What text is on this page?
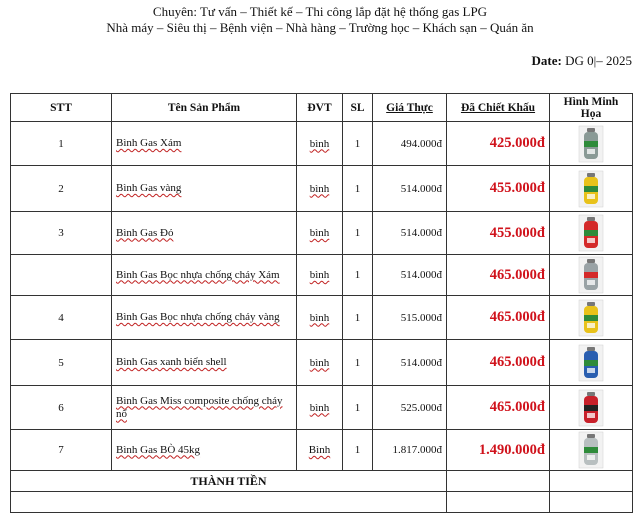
Chuyên: Tư vấn – Thiết kế – Thi công lắp đặt hệ thống gas LPG
Nhà máy – Siêu thị – Bệnh viện – Nhà hàng – Trường học – Khách sạn – Quán ăn
Date: DG 0|– 2025
STT	Tên Sản Phẩm	ĐVT	SL	Giá Thực	Đã Chiết Khấu	Hình Minh Họa
1	Bình Gas Xám	bình	1	494.000đ	425.000đ	
2	Bình Gas vàng	bình	1	514.000đ	455.000đ	
3	Bình Gas Đỏ	bình	1	514.000đ	455.000đ	
	Bình Gas Bọc nhựa chống cháy Xám	bình	1	514.000đ	465.000đ	
4	Bình Gas Bọc nhựa chống cháy vàng	bình	1	515.000đ	465.000đ	
5	Bình Gas xanh biển shell	bình	1	514.000đ	465.000đ	
6	Bình Gas Miss composite chống cháy nổ	bình	1	525.000đ	465.000đ	
7	Bình Gas BÒ 45kg	Bình	1	1.817.000đ	1.490.000đ	
THÀNH TIỀN						
